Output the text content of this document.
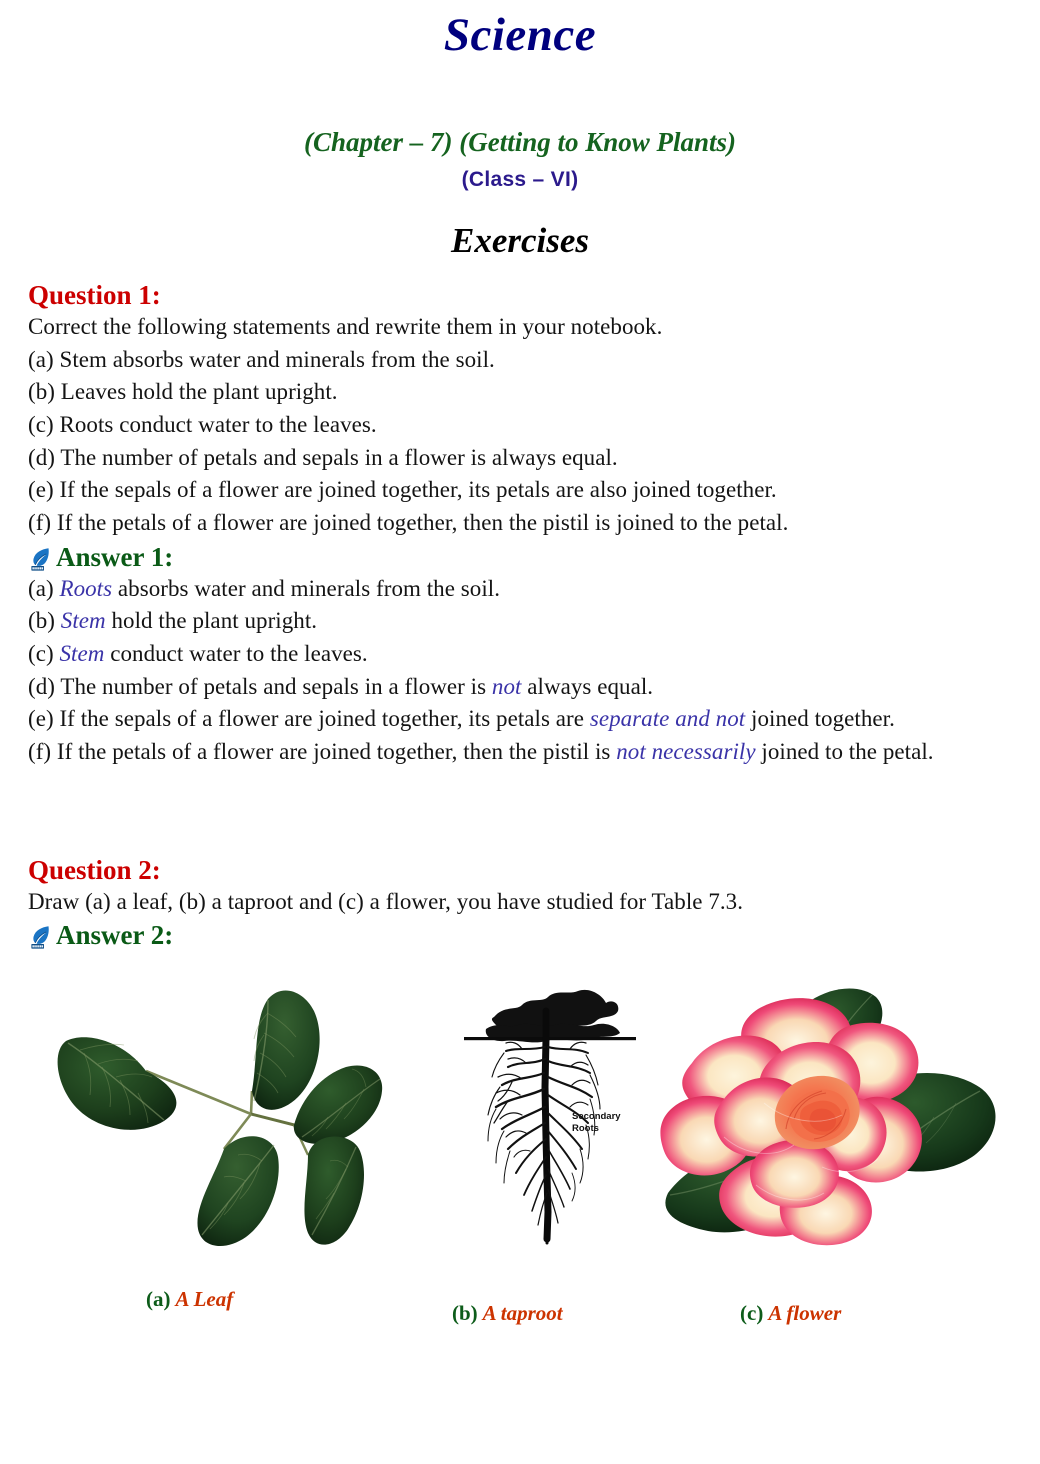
Science
(Chapter – 7) (Getting to Know Plants)
(Class – VI)
Exercises
Question 1:

Correct the following statements and rewrite them in your notebook.

(a) Stem absorbs water and minerals from the soil.

(b) Leaves hold the plant upright.

(c) Roots conduct water to the leaves.

(d) The number of petals and sepals in a flower is always equal.

(e) If the sepals of a flower are joined together, its petals are also joined together.

(f) If the petals of a flower are joined together, then the pistil is joined to the petal.

Answer 1:

(a) Roots absorbs water and minerals from the soil.

(b) Stem hold the plant upright.

(c) Stem conduct water to the leaves.

(d) The number of petals and sepals in a flower is not always equal.

(e) If the sepals of a flower are joined together, its petals are separate and not joined together.

(f) If the petals of a flower are joined together, then the pistil is not necessarily joined to the petal.

Question 2:

Draw (a) a leaf, (b) a taproot and (c) a flower, you have studied for Table 7.3.

Answer 2:
Secondary
Roots
(a) A Leaf
(b) A taproot	(c) A flower
